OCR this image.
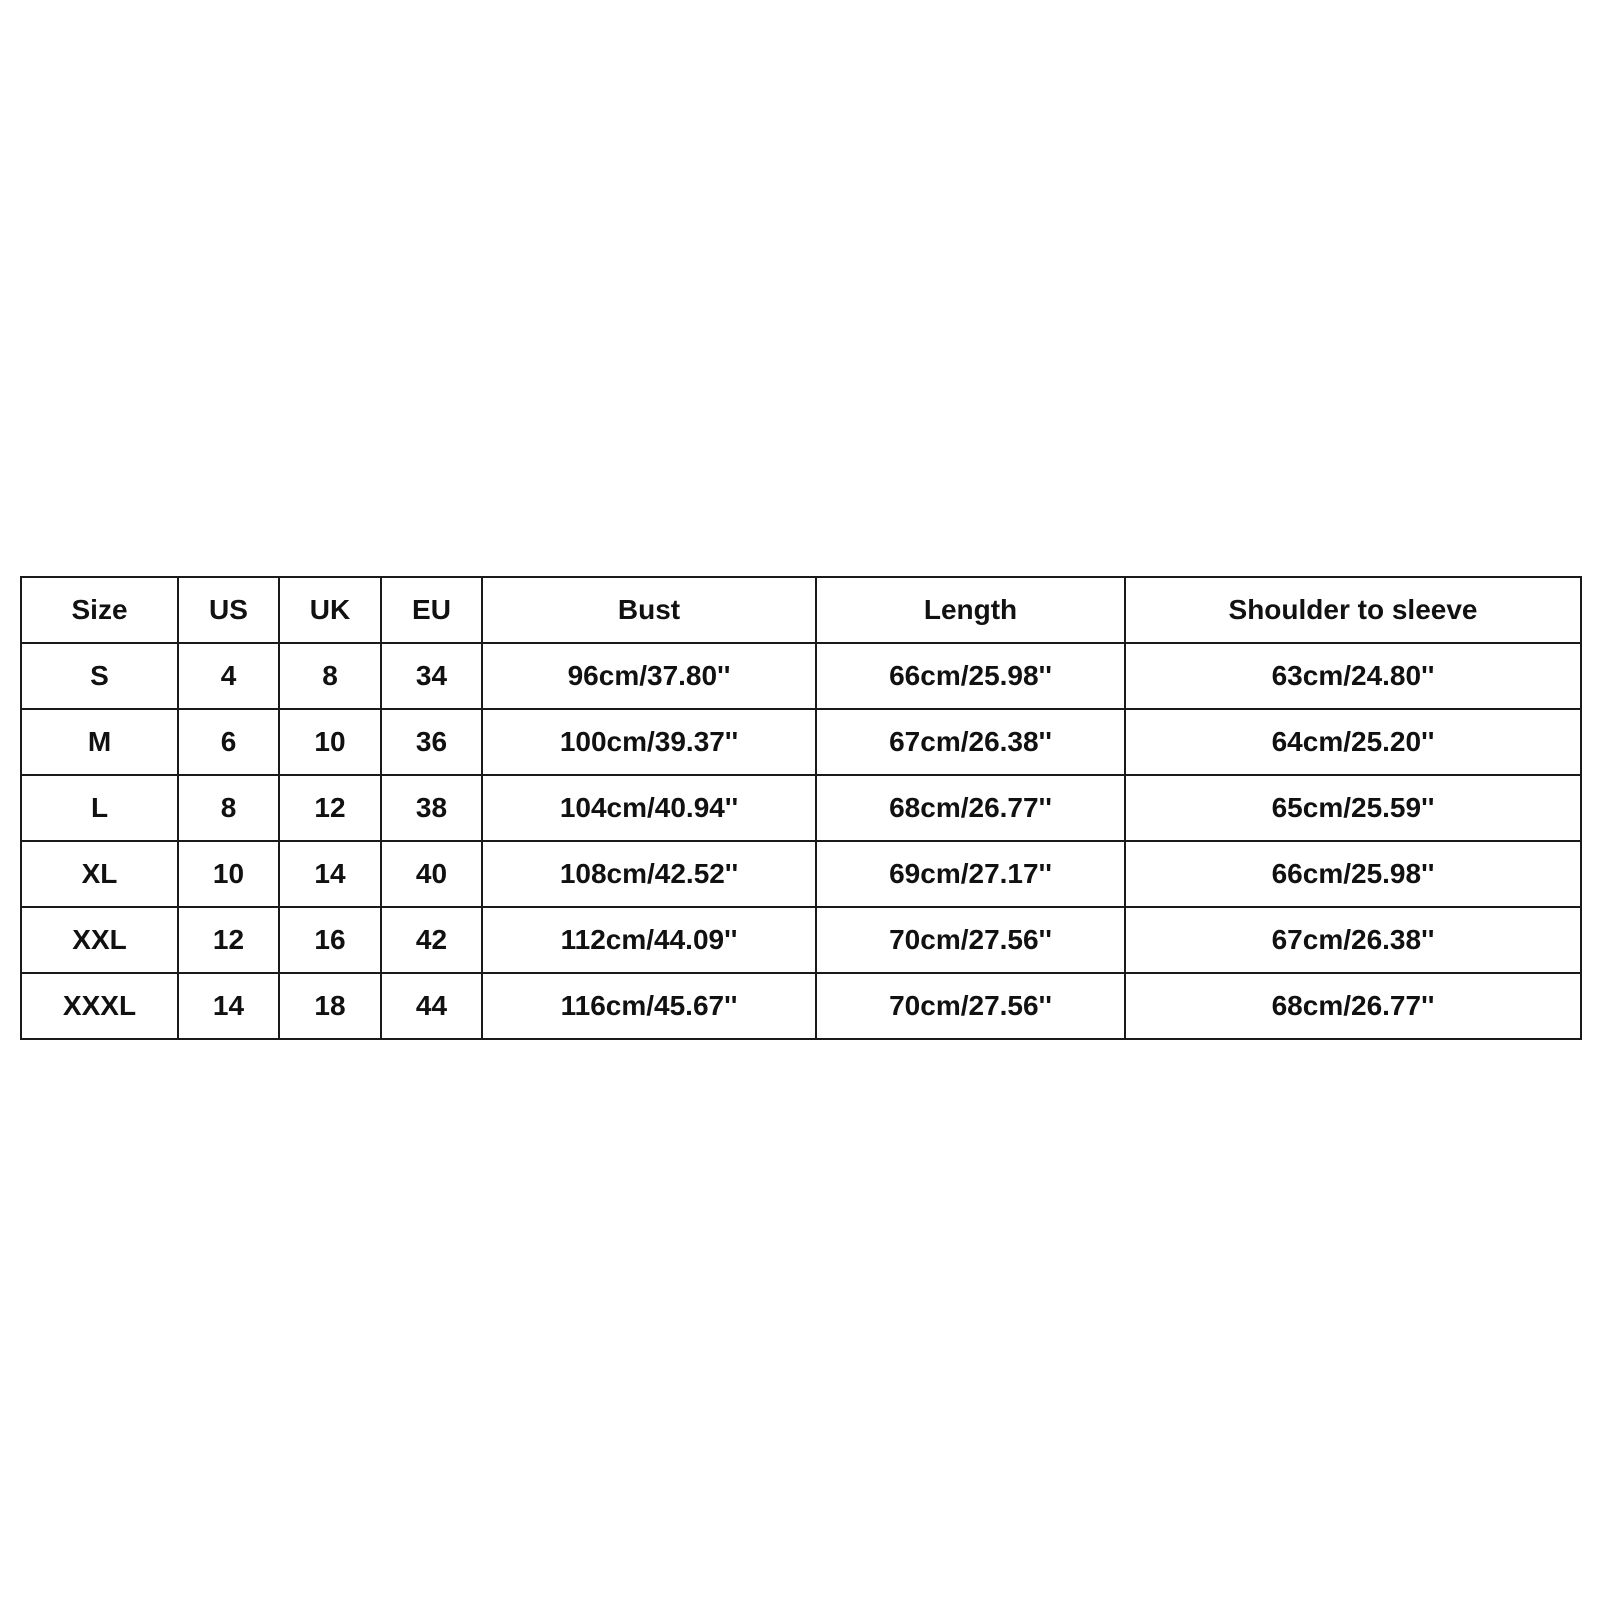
Size	US	UK	EU	Bust	Length	Shoulder to sleeve
S	4	8	34	96cm/37.80''	66cm/25.98''	63cm/24.80''
M	6	10	36	100cm/39.37''	67cm/26.38''	64cm/25.20''
L	8	12	38	104cm/40.94''	68cm/26.77''	65cm/25.59''
XL	10	14	40	108cm/42.52''	69cm/27.17''	66cm/25.98''
XXL	12	16	42	112cm/44.09''	70cm/27.56''	67cm/26.38''
XXXL	14	18	44	116cm/45.67''	70cm/27.56''	68cm/26.77''
